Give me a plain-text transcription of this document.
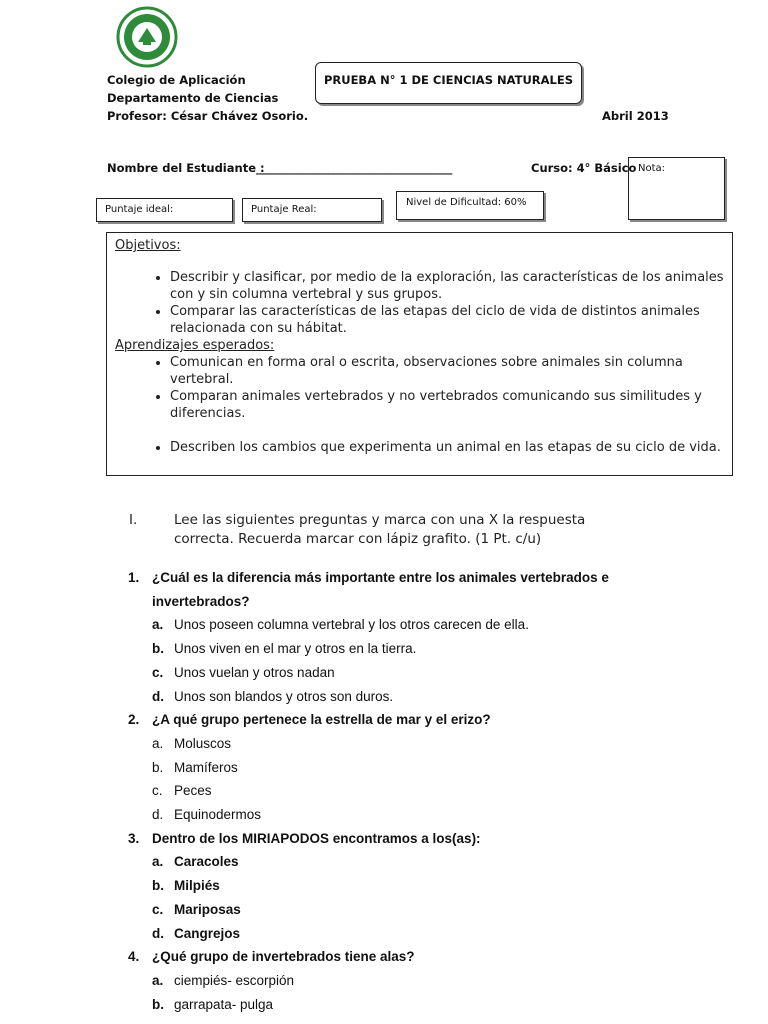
Colegio de Aplicación
Departamento de Ciencias
Profesor: César Chávez Osorio.
PRUEBA N° 1 DE CIENCIAS NATURALES
Abril 2013
Nombre del Estudiante :
______________________________________	Curso: 4° Básico Nota:
Puntaje ideal:	Puntaje Real:
Nivel de Dificultad: 60%
Objetivos:
• Describir y clasificar, por medio de la exploración, las características de los animales con y sin columna vertebral y sus grupos.
• Comparar las características de las etapas del ciclo de vida de distintos animales relacionada con su hábitat.
Aprendizajes esperados:
• Comunican en forma oral o escrita, observaciones sobre animales sin columna vertebral.
• Comparan animales vertebrados y no vertebrados comunicando sus similitudes y diferencias.
• Describen los cambios que experimenta un animal en las etapas de su ciclo de vida.
I.	Lee las siguientes preguntas y marca con una X la respuesta
correcta. Recuerda marcar con lápiz grafito. (1 Pt. c/u)
1. ¿Cuál es la diferencia más importante entre los animales vertebrados e
invertebrados?
a. Unos poseen columna vertebral y los otros carecen de ella.
b. Unos viven en el mar y otros en la tierra.
c. Unos vuelan y otros nadan
d. Unos son blandos y otros son duros.
2. ¿A qué grupo pertenece la estrella de mar y el erizo?
a. Moluscos
b. Mamíferos
c. Peces
d. Equinodermos
3. Dentro de los MIRIAPODOS encontramos a los(as):
a. Caracoles
b. Milpiés
c. Mariposas
d. Cangrejos
4. ¿Qué grupo de invertebrados tiene alas?
a. ciempiés- escorpión
b. garrapata- pulga
